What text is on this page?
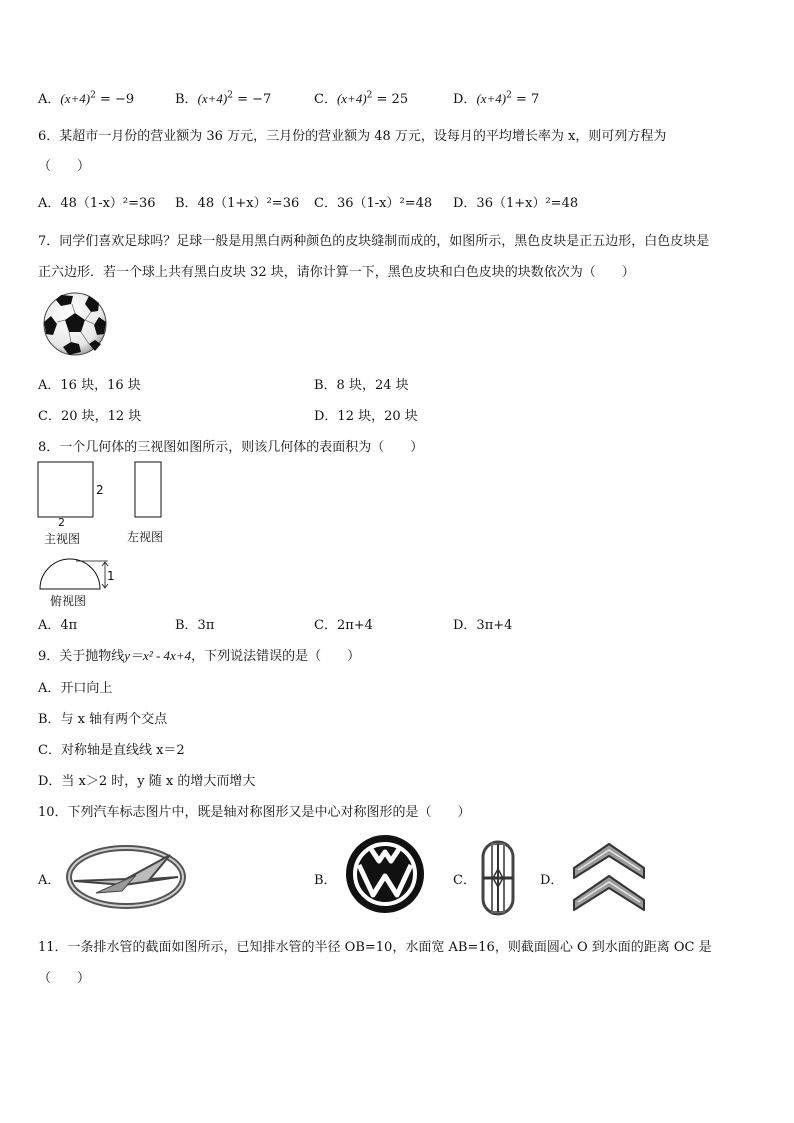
A．$(x+4)^2 = -9$	B．$(x+4)^2 = -7$	C．$(x+4)^2 = 25$	D．$(x+4)^2 = 7$
6．某超市一月份的营业额为 36 万元，三月份的营业额为 48 万元，设每月的平均增长率为 x，则可列方程为
（　　）
A．48（1-x）²=36 B．48（1+x）²=36 C．36（1-x）²=48 D．36（1+x）²=48
7．同学们喜欢足球吗？足球一般是用黑白两种颜色的皮块缝制而成的，如图所示，黑色皮块是正五边形，白色皮块是
正六边形．若一个球上共有黑白皮块 32 块，请你计算一下，黑色皮块和白色皮块的块数依次为（　　）
A．16 块，16 块	B．8 块，24 块
C．20 块，12 块	D．12 块，20 块
8．一个几何体的三视图如图所示，则该几何体的表面积为（　　）
2
2
主视图	左视图
1
俯视图
A．4π	B．3π	C．2π+4	D．3π+4
9．关于抛物线y＝x² - 4x+4，下列说法错误的是（　　）
A．开口向上
B．与 x 轴有两个交点
C．对称轴是直线线 x＝2
D．当 x＞2 时，y 随 x 的增大而增大
10．下列汽车标志图片中，既是轴对称图形又是中心对称图形的是（　　）
A．	B．	C．	D．
11．一条排水管的截面如图所示，已知排水管的半径 OB=10，水面宽 AB=16，则截面圆心 O 到水面的距离 OC 是
（　　）
